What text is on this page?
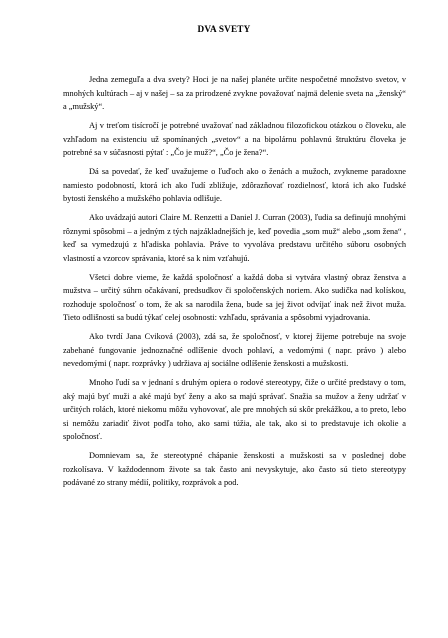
DVA SVETY

Jedna zemeguľa a dva svety? Hoci je na našej planéte určite nespočetné množstvo svetov, v mnohých kultúrach – aj v našej – sa za prirodzené zvykne považovať najmä delenie sveta na „ženský“ a „mužský“.

Aj v treťom tisícročí je potrebné uvažovať nad základnou filozofickou otázkou o človeku, ale vzhľadom na existenciu už spomínaných „svetov“ a na bipolárnu pohlavnú štruktúru človeka je potrebné sa v súčasnosti pýtať : „Čo je muž?“, „Čo je žena?“.

Dá sa povedať, že keď uvažujeme o ľuďoch ako o ženách a mužoch, zvykneme paradoxne namiesto podobností, ktorá ich ako ľudí zbližuje, zdôrazňovať rozdielnosť, ktorá ich ako ľudské bytosti ženského a mužského pohlavia odlišuje.

Ako uvádzajú autori Claire M. Renzetti a Daniel J. Curran (2003), ľudia sa definujú mnohými rôznymi spôsobmi – a jedným z tých najzákladnejších je, keď povedia „som muž“ alebo „som žena“ , keď sa vymedzujú z hľadiska pohlavia. Práve to vyvoláva predstavu určitého súboru osobných vlastností a vzorcov správania, ktoré sa k nim vzťahujú.

Všetci dobre vieme, že každá spoločnosť a každá doba si vytvára vlastný obraz ženstva a mužstva – určitý súhrn očakávaní, predsudkov či spoločenských noriem. Ako sudička nad kolískou, rozhoduje spoločnosť o tom, že ak sa narodila žena, bude sa jej život odvíjať inak než život muža. Tieto odlišnosti sa budú týkať celej osobnosti: vzhľadu, správania a spôsobmi vyjadrovania.

Ako tvrdí Jana Cviková (2003), zdá sa, že spoločnosť, v ktorej žijeme potrebuje na svoje zabehané fungovanie jednoznačné odlíšenie dvoch pohlaví, a vedomými ( napr. právo ) alebo nevedomými ( napr. rozprávky ) udržiava aj sociálne odlíšenie ženskosti a mužskosti.

Mnoho ľudí sa v jednaní s druhým opiera o rodové stereotypy, čiže o určité predstavy o tom, aký majú byť muži a aké majú byť ženy a ako sa majú správať. Snažia sa mužov a ženy udržať v určitých rolách, ktoré niekomu môžu vyhovovať, ale pre mnohých sú skôr prekážkou, a to preto, lebo si nemôžu zariadiť život podľa toho, ako sami túžia, ale tak, ako si to predstavuje ich okolie a spoločnosť.

Domnievam sa, že stereotypné chápanie ženskosti a mužskosti sa v poslednej dobe rozkolísava. V každodennom živote sa tak často ani nevyskytuje, ako často sú tieto stereotypy podávané zo strany médií, politiky, rozprávok a pod.
